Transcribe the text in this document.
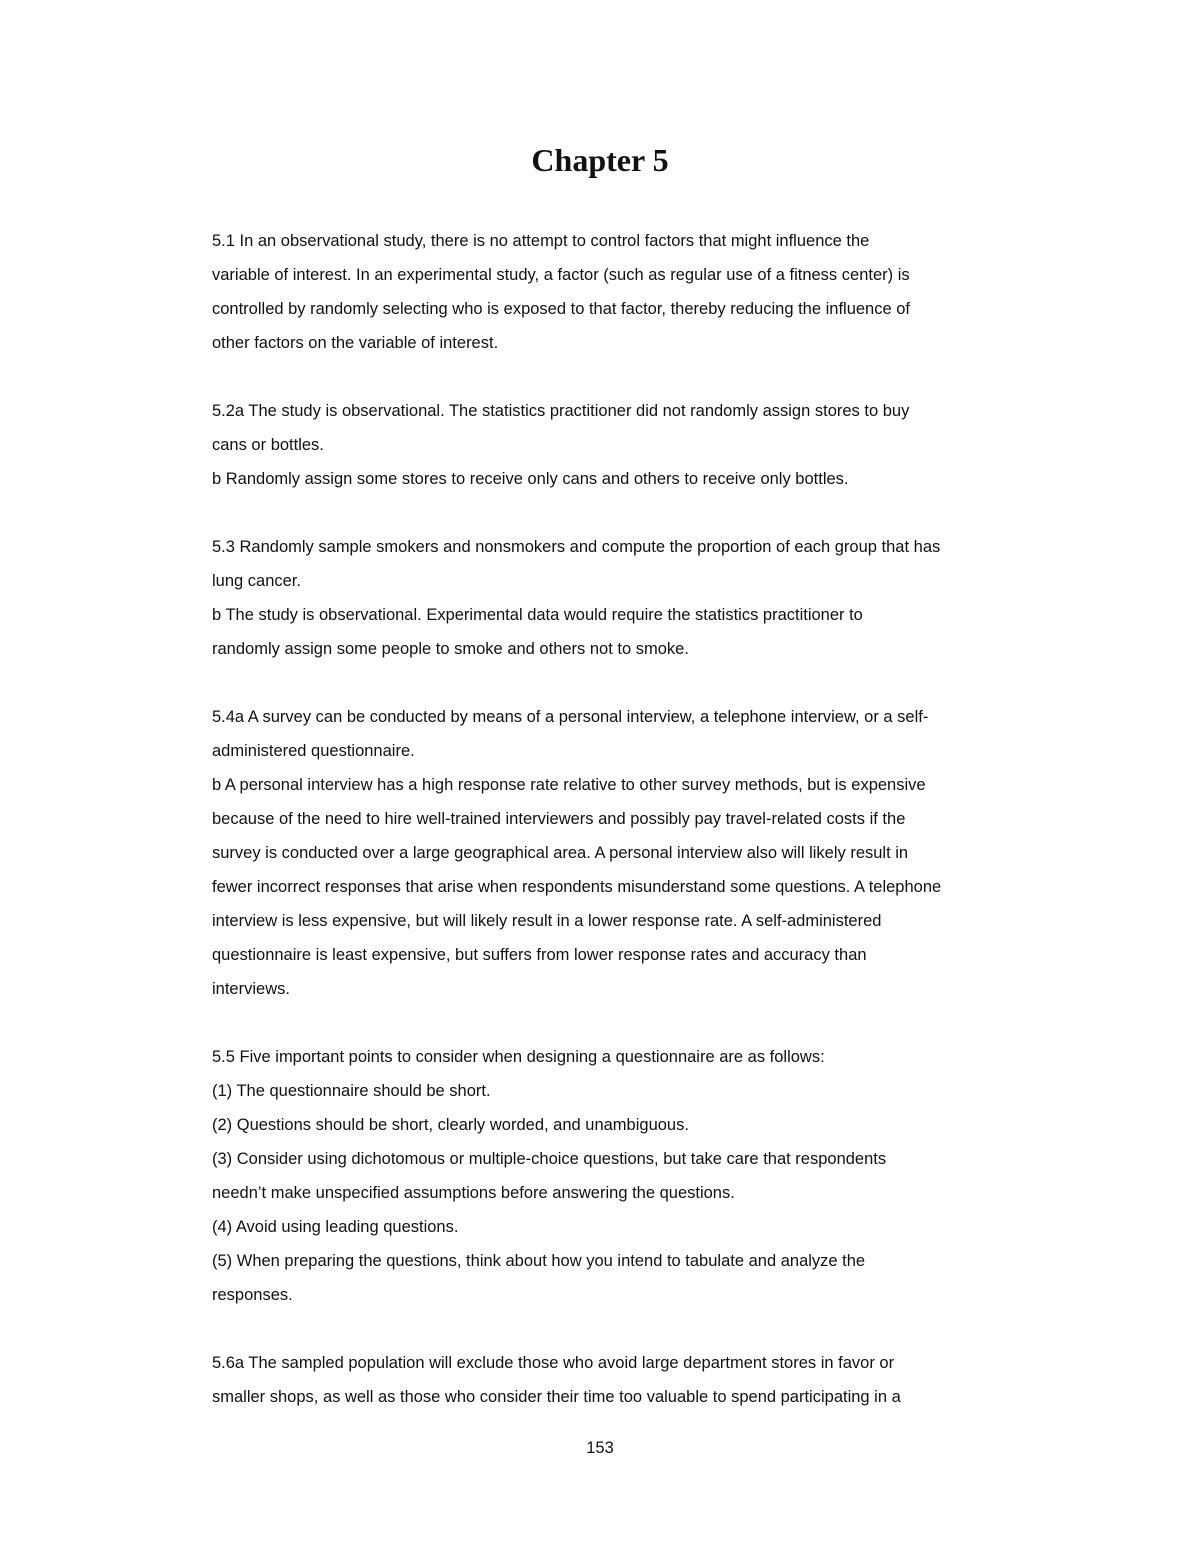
Chapter 5

5.1 In an observational study, there is no attempt to control factors that might influence the

variable of interest. In an experimental study, a factor (such as regular use of a fitness center) is

controlled by randomly selecting who is exposed to that factor, thereby reducing the influence of

other factors on the variable of interest.

5.2a The study is observational. The statistics practitioner did not randomly assign stores to buy

cans or bottles.

b Randomly assign some stores to receive only cans and others to receive only bottles.

5.3 Randomly sample smokers and nonsmokers and compute the proportion of each group that has

lung cancer.

b The study is observational. Experimental data would require the statistics practitioner to

randomly assign some people to smoke and others not to smoke.

5.4a A survey can be conducted by means of a personal interview, a telephone interview, or a self-

administered questionnaire.

b A personal interview has a high response rate relative to other survey methods, but is expensive

because of the need to hire well-trained interviewers and possibly pay travel-related costs if the

survey is conducted over a large geographical area. A personal interview also will likely result in

fewer incorrect responses that arise when respondents misunderstand some questions. A telephone

interview is less expensive, but will likely result in a lower response rate. A self-administered

questionnaire is least expensive, but suffers from lower response rates and accuracy than

interviews.

5.5 Five important points to consider when designing a questionnaire are as follows:

(1) The questionnaire should be short.

(2) Questions should be short, clearly worded, and unambiguous.

(3) Consider using dichotomous or multiple-choice questions, but take care that respondents

needn’t make unspecified assumptions before answering the questions.

(4) Avoid using leading questions.

(5) When preparing the questions, think about how you intend to tabulate and analyze the

responses.

5.6a The sampled population will exclude those who avoid large department stores in favor or

smaller shops, as well as those who consider their time too valuable to spend participating in a

153
